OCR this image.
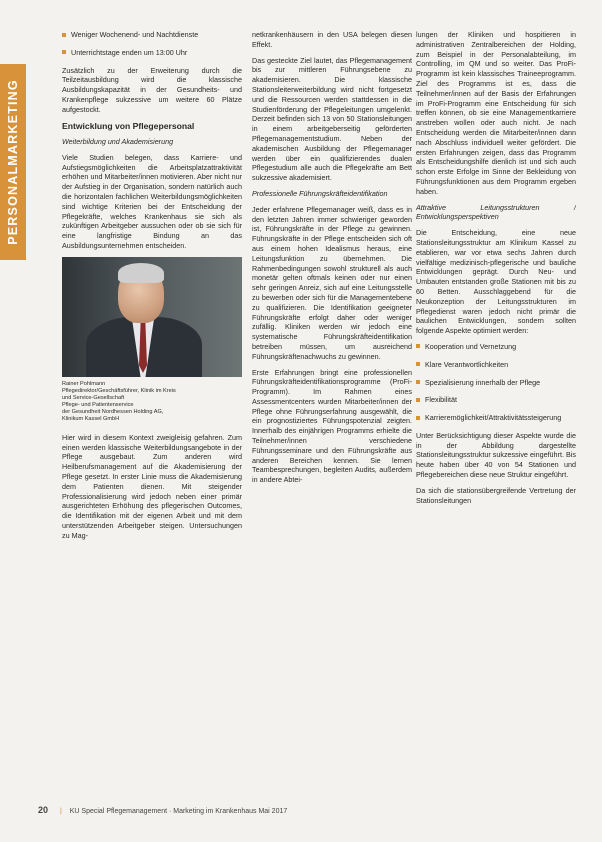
PERSONALMARKETING
Weniger Wochenend- und Nachtdienste
Unterrichtstage enden um 13:00 Uhr

Zusätzlich zu der Erweiterung durch die Teilzeitausbildung wird die klassische Ausbildungskapazität in der Gesundheits- und Krankenpflege sukzessive um weitere 60 Plätze aufgestockt.

Entwicklung von Pflegepersonal

Weiterbildung und Akademisierung

Viele Studien belegen, dass Karriere- und Aufstiegsmöglichkeiten die Arbeitsplatzattraktivität erhöhen und Mitarbeiter/innen motivieren. Aber nicht nur der Aufstieg in der Organisation, sondern natürlich auch die horizontalen fachlichen Weiterbildungsmöglichkeiten sind wichtige Kriterien bei der Entscheidung der Pflegekräfte, welches Krankenhaus sie sich als zukünftigen Arbeitgeber aussuchen oder ob sie sich für eine langfristige Bindung an das Ausbildungsunternehmen entscheiden.

Rainer Pohlmann
Pflegedirektor/Geschäftsführer, Klinik im Kreis
und Service-Gesellschaft
Pflege- und Patientenservice
der Gesundheit Nordhessen Holding AG,
Klinikum Kassel GmbH

Hier wird in diesem Kontext zweigleisig gefahren. Zum einen werden klassische Weiterbildungsangebote in der Pflege ausgebaut. Zum anderen wird Heilberufsmanagement auf die Akademisierung der Pflege gesetzt. In erster Linie muss die Akademisierung dem Patienten dienen. Mit steigender Professionalisierung wird jedoch neben einer primär ausgerichteten Erhöhung des pflegerischen Outcomes, die Identifikation mit der eigenen Arbeit und mit dem unterstützenden Arbeitgeber steigen. Untersuchungen zu Mag-

netkrankenhäusern in den USA belegen diesen Effekt.

Das gesteckte Ziel lautet, das Pflegemanagement bis zur mittleren Führungsebene zu akademisieren. Die klassische Stationsleiterweiterbildung wird nicht fortgesetzt und die Ressourcen werden stattdessen in die Studienförderung der Pflegeleitungen umgelenkt. Derzeit befinden sich 13 von 50 Stationsleitungen in einem arbeitgeberseitig geförderten Pflegemanagementstudium. Neben der akademischen Ausbildung der Pflegemanager werden über ein qualifizierendes dualen Pflegestudium alle auch die Pflegekräfte am Bett sukzessive akademisiert.

Professionelle Führungskräfteidentifikation

Jeder erfahrene Pflegemanager weiß, dass es in den letzten Jahren immer schwieriger geworden ist, Führungskräfte in der Pflege zu gewinnen. Führungskräfte in der Pflege entscheiden sich oft aus einem hohen Idealismus heraus, eine Leitungsfunktion zu übernehmen. Die Rahmenbedingungen sowohl strukturell als auch monetär gelten oftmals keinen oder nur einen sehr geringen Anreiz, sich auf eine Leitungsstelle zu bewerben oder sich für die Managementebene zu qualifizieren. Die Identifikation geeigneter Führungskräfte erfolgt daher oder weniger zufällig. Kliniken werden wir jedoch eine systematische Führungskräfteidentifikation betreiben müssen, um ausreichend Führungskräftenachwuchs zu gewinnen.

Erste Erfahrungen bringt eine professionellen Führungskräfteidentifikationsprogramme (ProFi-Programm). Im Rahmen eines Assessmentcenters wurden Mitarbeiter/innen der Pflege ohne Führungserfahrung ausgewählt, die ein prognostiziertes Führungspotenzial zeigten. Innerhalb des einjährigen Programms erhielte die Teilnehmer/innen verschiedene Führungsseminare und den Führungskräfte aus anderen Bereichen kennen. Sie lernen Teambesprechungen, begleiten Audits, außerdem in andere Abtei-

lungen der Kliniken und hospitieren in administrativen Zentralbereichen der Holding, zum Beispiel in der Personalabteilung, im Controlling, im QM und so weiter. Das ProFi-Programm ist kein klassisches Traineeprogramm. Ziel des Programms ist es, dass die Teilnehmer/innen auf der Basis der Erfahrungen im ProFi-Programm eine Entscheidung für sich treffen können, ob sie eine Managementkarriere anstreben wollen oder auch nicht. Je nach Entscheidung werden die Mitarbeiter/innen dann nach Abschluss individuell weiter gefördert. Die ersten Erfahrungen zeigen, dass das Programm als Entscheidungshilfe dienlich ist und sich auch schon erste Erfolge im Sinne der Bekleidung von Führungsfunktionen aus dem Programm ergeben haben.

Attraktive Leitungsstrukturen / Entwicklungsperspektiven

Die Entscheidung, eine neue Stationsleitungsstruktur am Klinikum Kassel zu etablieren, war vor etwa sechs Jahren durch vielfältige medizinisch-pflegerische und bauliche Entwicklungen geprägt. Durch Neu- und Umbauten entstanden große Stationen mit bis zu 60 Betten. Ausschlaggebend für die Neukonzeption der Leitungsstrukturen im Pflegedienst waren jedoch nicht primär die baulichen Entwicklungen, sondern sollten folgende Aspekte optimiert werden:

Kooperation und Vernetzung
Klare Verantwortlichkeiten
Spezialisierung innerhalb der Pflege
Flexibilität
Karrieremöglichkeit/Attraktivitätssteigerung

Unter Berücksichtigung dieser Aspekte wurde die in der Abbildung dargestellte Stationsleitungsstruktur sukzessive eingeführt. Bis heute haben über 40 von 54 Stationen und Pflegebereichen diese neue Struktur eingeführt.

Da sich die stationsübergreifende Vertretung der Stationsleitungen

20 | KU Special Pflegemanagement · Marketing im Krankenhaus Mai 2017
